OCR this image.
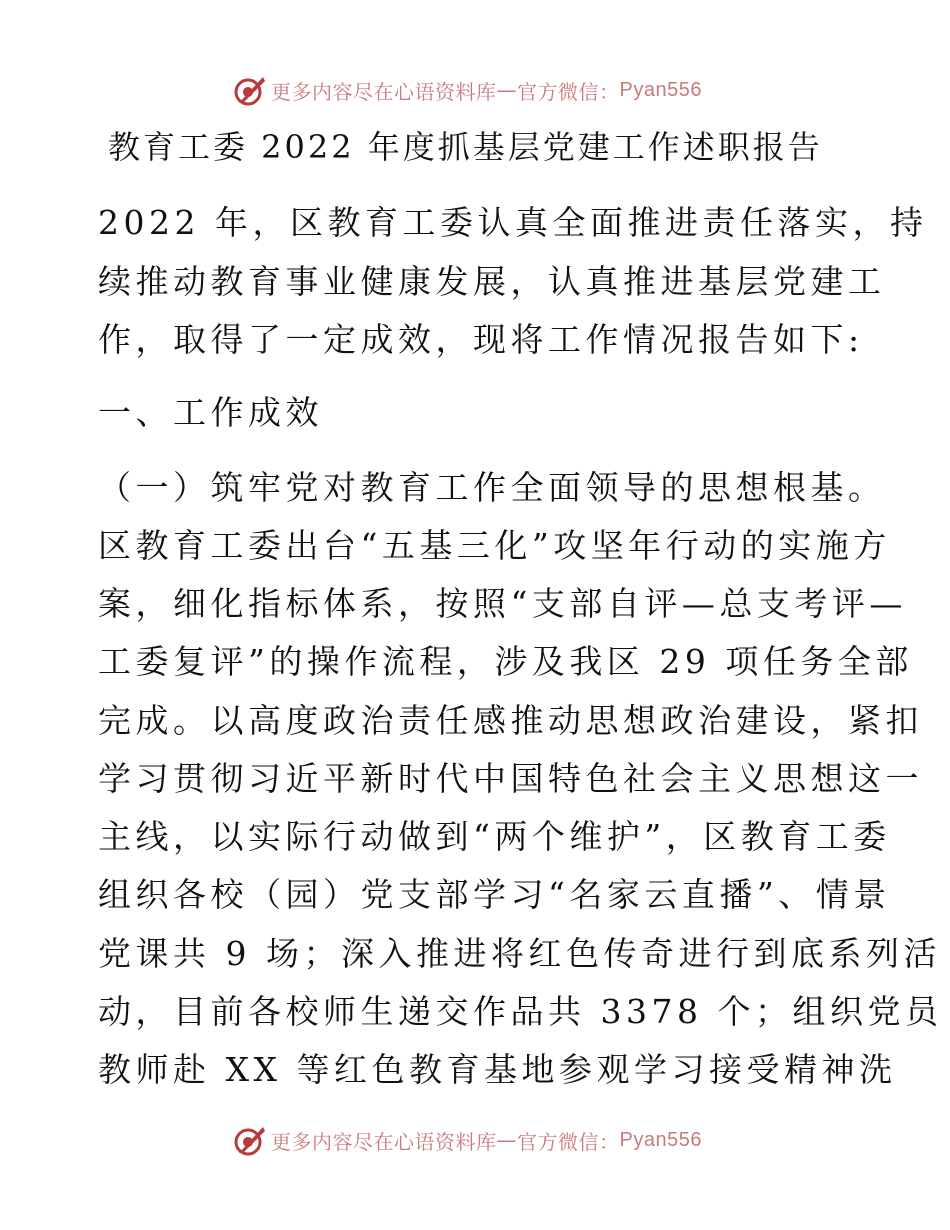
更多内容尽在心语资料库 — 官方微信： Pyan556
教育工委 2022 年度抓基层党建工作述职报告
2022 年，区教育工委认真全面推进责任落实，持
续推动教育事业健康发展，认真推进基层党建工
作，取得了一定成效，现将工作情况报告如下:
一、工作成效
（一）筑牢党对教育工作全面领导的思想根基。
区教育工委出台“五基三化”攻坚年行动的实施方
案，细化指标体系，按照“支部自评—总支考评—
工委复评”的操作流程，涉及我区 29 项任务全部
完成。以高度政治责任感推动思想政治建设，紧扣
学习贯彻习近平新时代中国特色社会主义思想这一
主线，以实际行动做到“两个维护”，区教育工委
组织各校（园）党支部学习“名家云直播”、情景
党课共 9 场；深入推进将红色传奇进行到底系列活
动，目前各校师生递交作品共 3378 个；组织党员
教师赴 XX 等红色教育基地参观学习接受精神洗
更多内容尽在心语资料库 — 官方微信： Pyan556
